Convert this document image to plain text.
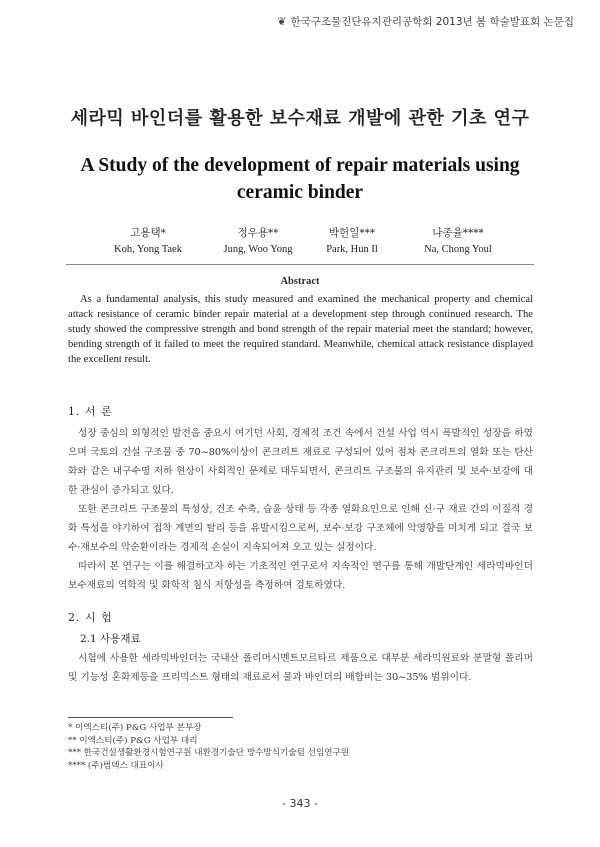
❦ 한국구조물진단유지관리공학회 2013년 봄 학술발표회 논문집
세라믹 바인더를 활용한 보수재료 개발에 관한 기초 연구
A Study of the development of repair materials using
ceramic binder
고용택*
Koh, Yong Taek
정우용**
Jung, Woo Yong
박헌일***
Park, Hun Il
나종율****
Na, Chong Youl
Abstract
As a fundamental analysis, this study measured and examined the mechanical property and chemical attack resistance of ceramic binder repair material at a development step through continued research. The study showed the compressive strength and bond strength of the repair material meet the standard; however, bending strength of it failed to meet the required standard. Meanwhile, chemical attack resistance displayed the excellent result.
1. 서 론

성장 중심의 외형적인 발전을 중요시 여기던 사회, 경제적 조건 속에서 건설 사업 역시 폭발적인 성장을 하였으며 국토의 건설 구조물 중 70~80%이상이 콘크리트 재료로 구성되어 있어 점차 콘크리트의 열화 또는 탄산화와 같은 내구수명 저하 현상이 사회적인 문제로 대두되면서, 콘크리트 구조물의 유지관리 및 보수·보강에 대한 관심이 증가되고 있다.

또한 콘크리트 구조물의 특성상, 건조 수축, 습윤 상태 등 각종 열화요인으로 인해 신·구 재료 간의 이질적 경화 특성을 야기하여 접착 계면의 탈리 등을 유발시킴으로써, 보수·보강 구조체에 악영향을 미치게 되고 결국 보수·재보수의 악순환이라는 경제적 손실이 지속되어져 오고 있는 실정이다.

따라서 본 연구는 이를 해결하고자 하는 기초적인 연구로서 지속적인 연구를 통해 개발단계인 세라믹바인더 보수재료의 역학적 및 화학적 침식 저항성을 측정하여 검토하였다.

2. 시 험
2.1 사용재료

시험에 사용한 세라믹바인더는 국내산 폴리머시멘트모르타르 제품으로 대부분 세라믹원료와 분말형 폴리머 및 기능성 혼화제등을 프리믹스트 형태의 재료로서 물과 바인더의 배합비는 30~35% 범위이다.

* 이엑스티(주) P&G 사업부 본부장
** 이엑스티(주) P&G 사업부 대리
*** 한국건설생활환경시험연구원 내환경기술단 방수방식기술팀 선임연구원
**** (주)범덱스 대표이사
- 343 -
